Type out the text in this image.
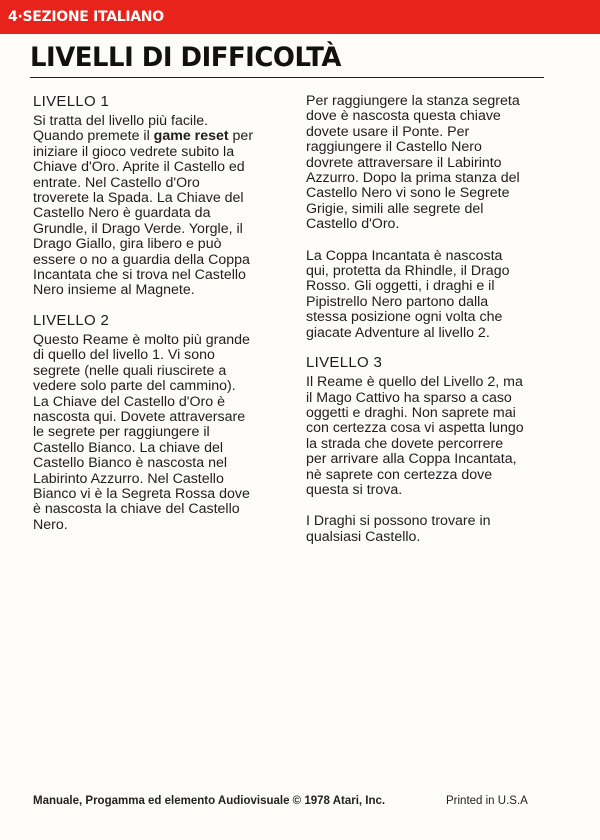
4·SEZIONE ITALIANO
LIVELLI DI DIFFICOLTÀ
LIVELLO 1

Si tratta del livello più facile.
Quando premete il game reset per
iniziare il gioco vedrete subito la
Chiave d'Oro. Aprite il Castello ed
entrate. Nel Castello d'Oro
troverete la Spada. La Chiave del
Castello Nero è guardata da
Grundle, il Drago Verde. Yorgle, il
Drago Giallo, gira libero e può
essere o no a guardia della Coppa
Incantata che si trova nel Castello
Nero insieme al Magnete.

LIVELLO 2

Questo Reame è molto più grande
di quello del livello 1. Vi sono
segrete (nelle quali riuscirete a
vedere solo parte del cammino).
La Chiave del Castello d'Oro è
nascosta qui. Dovete attraversare
le segrete per raggiungere il
Castello Bianco. La chiave del
Castello Bianco è nascosta nel
Labirinto Azzurro. Nel Castello
Bianco vi è la Segreta Rossa dove
è nascosta la chiave del Castello
Nero.

Per raggiungere la stanza segreta
dove è nascosta questa chiave
dovete usare il Ponte. Per
raggiungere il Castello Nero
dovrete attraversare il Labirinto
Azzurro. Dopo la prima stanza del
Castello Nero vi sono le Segrete
Grigie, simili alle segrete del
Castello d'Oro.

La Coppa Incantata è nascosta
qui, protetta da Rhindle, il Drago
Rosso. Gli oggetti, i draghi e il
Pipistrello Nero partono dalla
stessa posizione ogni volta che
giacate Adventure al livello 2.

LIVELLO 3

Il Reame è quello del Livello 2, ma
il Mago Cattivo ha sparso a caso
oggetti e draghi. Non saprete mai
con certezza cosa vi aspetta lungo
la strada che dovete percorrere
per arrivare alla Coppa Incantata,
nè saprete con certezza dove
questa si trova.

I Draghi si possono trovare in
qualsiasi Castello.

Manuale, Progamma ed elemento Audiovisuale © 1978 Atari, Inc.	Printed in U.S.A
